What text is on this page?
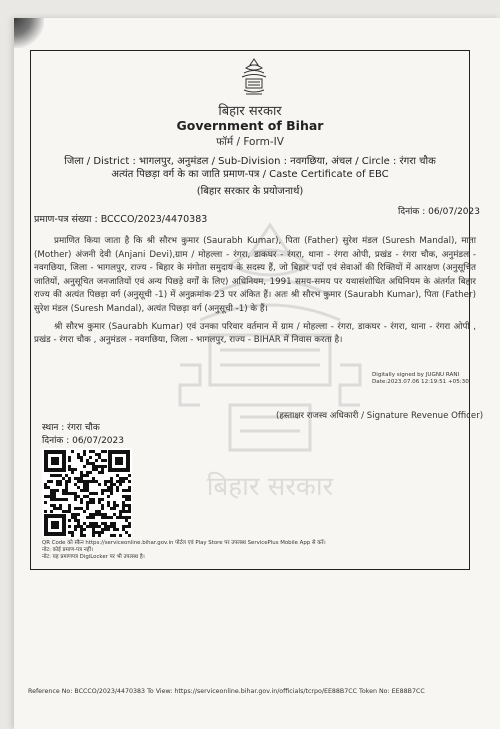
बिहार सरकार
Government of Bihar
फॉर्म / Form-IV
जिला / District : भागलपुर, अनुमंडल / Sub-Division : नवगछिया, अंचल / Circle : रंगरा चौक
अत्यंत पिछड़ा वर्ग के का जाति प्रमाण-पत्र / Caste Certificate of EBC
(बिहार सरकार के प्रयोजनार्थ)
बिहार सरकार
दिनांक : 06/07/2023
प्रमाण-पत्र संख्या : BCCCO/2023/4470383

प्रमाणित किया जाता है कि श्री सौरभ कुमार (Saurabh Kumar), पिता (Father) सुरेश मंडल (Suresh Mandal), माता (Mother) अंजनी देवी (Anjani Devi),ग्राम / मोहल्ला - रंगरा, डाकघर - रंगरा, थाना - रंगरा ओपी, प्रखंड - रंगरा चौक, अनुमंडल - नवगछिया, जिला - भागलपुर, राज्य - बिहार के मंगोता समुदाय के सदस्य हैं, जो बिहार पदों एवं सेवाओं की रिक्तियों में आरक्षण (अनुसूचित जातियों, अनुसूचित जनजातियों एवं अन्य पिछड़े वर्गों के लिए) अधिनियम, 1991 समय-समय पर यथासंशोधित अधिनियम के अंतर्गत बिहार राज्य की अत्यंत पिछड़ा वर्ग (अनुसूची -1) में अनुक्रमांक 23 पर अंकित हैं। अतः श्री सौरभ कुमार (Saurabh Kumar), पिता (Father) सुरेश मंडल (Suresh Mandal), अत्यंत पिछड़ा वर्ग (अनुसूची -1) के हैं।

श्री सौरभ कुमार (Saurabh Kumar) एवं उनका परिवार वर्तमान में ग्राम / मोहल्ला - रंगरा, डाकघर - रंगरा, थाना - रंगरा ओपी , प्रखंड - रंगरा चौक , अनुमंडल - नवगछिया, जिला - भागलपुर, राज्य - BIHAR में निवास करता है।

Digitally signed by JUGNU RANI
Date:2023.07.06 12:19:51 +05:30
(हस्ताक्षर राजस्व अधिकारी / Signature Revenue Officer)
स्थान : रंगरा चौक
दिनांक : 06/07/2023
QR Code को स्कैन https://serviceonline.bihar.gov.in पोर्टल एवं Play Store पर उपलब्ध ServicePlus Mobile App से करें।
नोट: कोई प्रमाण-पत्र नहीं।
नोट: यह प्रमाणपत्र DigiLocker पर भी उपलब्ध है।
Reference No: BCCCO/2023/4470383 To View: https://serviceonline.bihar.gov.in/officials/tcrpo/EE88B7CC Token No: EE88B7CC
